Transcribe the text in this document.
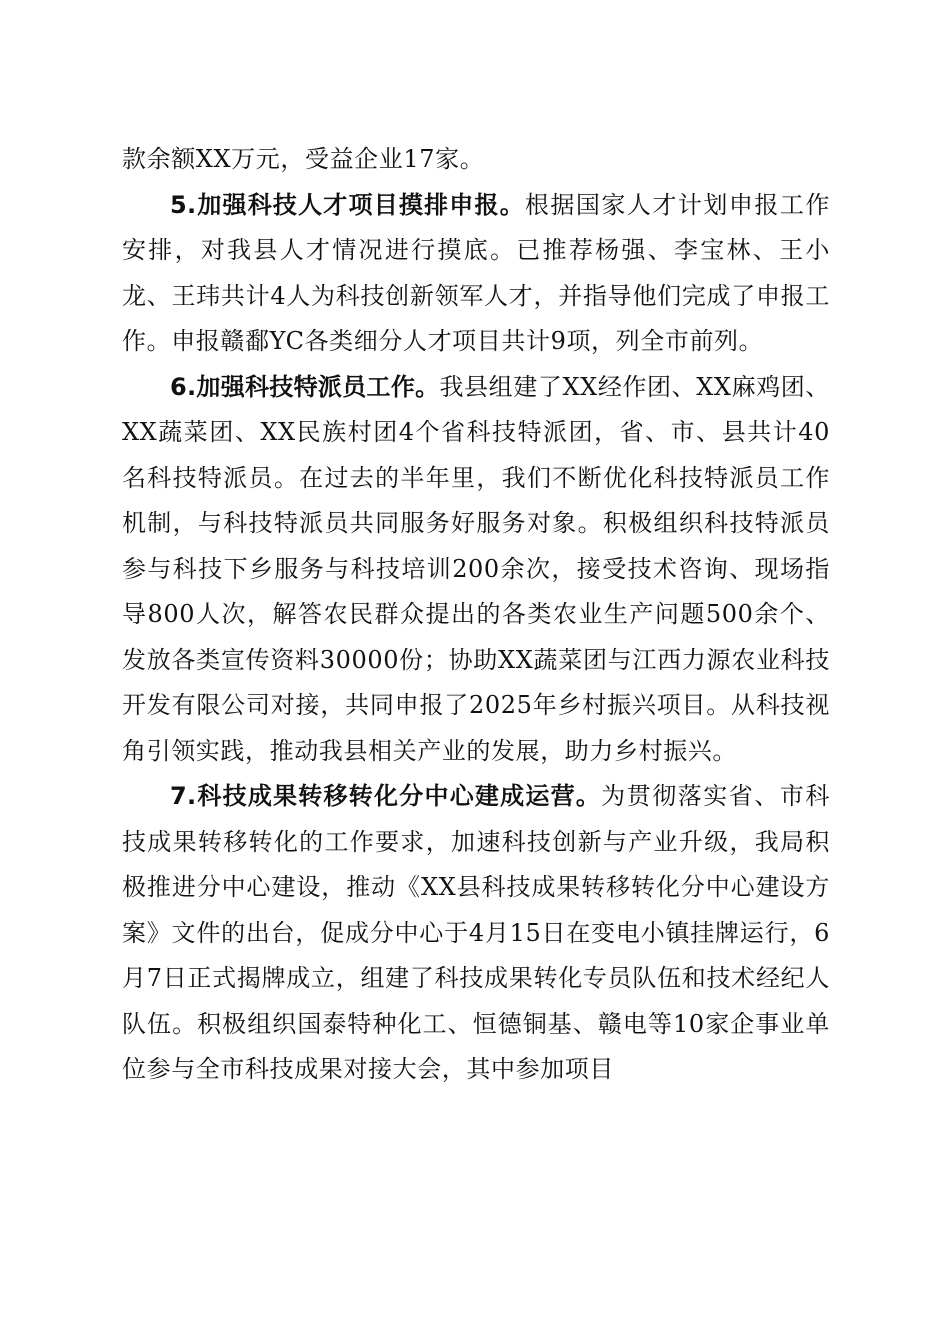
款余额XX万元，受益企业17家。

5.加强科技人才项目摸排申报。根据国家人才计划申报工作安排，对我县人才情况进行摸底。已推荐杨强、李宝林、王小龙、王玮共计4人为科技创新领军人才，并指导他们完成了申报工作。申报赣鄱YC各类细分人才项目共计9项，列全市前列。

6.加强科技特派员工作。我县组建了XX经作团、XX麻鸡团、XX蔬菜团、XX民族村团4个省科技特派团，省、市、县共计40名科技特派员。在过去的半年里，我们不断优化科技特派员工作机制，与科技特派员共同服务好服务对象。积极组织科技特派员参与科技下乡服务与科技培训200余次，接受技术咨询、现场指导800人次，解答农民群众提出的各类农业生产问题500余个、发放各类宣传资料30000份；协助XX蔬菜团与江西力源农业科技开发有限公司对接，共同申报了2025年乡村振兴项目。从科技视角引领实践，推动我县相关产业的发展，助力乡村振兴。

7.科技成果转移转化分中心建成运营。为贯彻落实省、市科技成果转移转化的工作要求，加速科技创新与产业升级，我局积极推进分中心建设，推动《XX县科技成果转移转化分中心建设方案》文件的出台，促成分中心于4月15日在变电小镇挂牌运行，6月7日正式揭牌成立，组建了科技成果转化专员队伍和技术经纪人队伍。积极组织国泰特种化工、恒德铜基、赣电等10家企事业单位参与全市科技成果对接大会，其中参加项目
